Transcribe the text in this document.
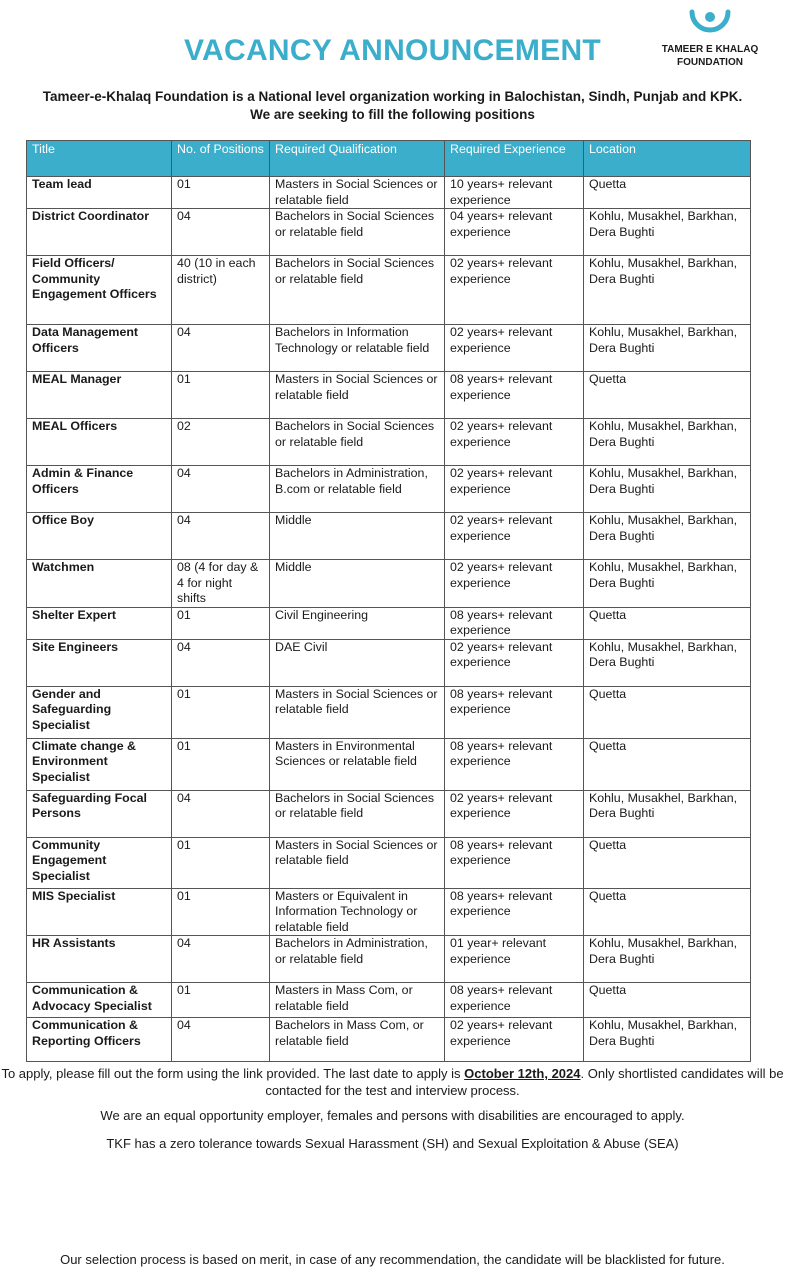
VACANCY ANNOUNCEMENT	TAMEER E KHALAQ
FOUNDATION
Tameer-e-Khalaq Foundation is a National level organization working in Balochistan, Sindh, Punjab and KPK.
We are seeking to fill the following positions
Title	No. of Positions	Required Qualification	Required Experience	Location
Team lead	01	Masters in Social Sciences or relatable field	10 years+ relevant experience	Quetta
District Coordinator	04	Bachelors in Social Sciences or relatable field	04 years+ relevant experience	Kohlu, Musakhel, Barkhan, Dera Bughti
Field Officers/ Community Engagement Officers	40 (10 in each district)	Bachelors in Social Sciences or relatable field	02 years+ relevant experience	Kohlu, Musakhel, Barkhan, Dera Bughti
Data Management Officers	04	Bachelors in Information Technology or relatable field	02 years+ relevant experience	Kohlu, Musakhel, Barkhan, Dera Bughti
MEAL Manager	01	Masters in Social Sciences or relatable field	08 years+ relevant experience	Quetta
MEAL Officers	02	Bachelors in Social Sciences or relatable field	02 years+ relevant experience	Kohlu, Musakhel, Barkhan, Dera Bughti
Admin & Finance Officers	04	Bachelors in Administration, B.com or relatable field	02 years+ relevant experience	Kohlu, Musakhel, Barkhan, Dera Bughti
Office Boy	04	Middle	02 years+ relevant experience	Kohlu, Musakhel, Barkhan, Dera Bughti
Watchmen	08 (4 for day & 4 for night shifts	Middle	02 years+ relevant experience	Kohlu, Musakhel, Barkhan, Dera Bughti
Shelter Expert	01	Civil Engineering	08 years+ relevant experience	Quetta
Site Engineers	04	DAE Civil	02 years+ relevant experience	Kohlu, Musakhel, Barkhan, Dera Bughti
Gender and Safeguarding Specialist	01	Masters in Social Sciences or relatable field	08 years+ relevant experience	Quetta
Climate change & Environment Specialist	01	Masters in Environmental Sciences or relatable field	08 years+ relevant experience	Quetta
Safeguarding Focal Persons	04	Bachelors in Social Sciences or relatable field	02 years+ relevant experience	Kohlu, Musakhel, Barkhan, Dera Bughti
Community Engagement Specialist	01	Masters in Social Sciences or relatable field	08 years+ relevant experience	Quetta
MIS Specialist	01	Masters or Equivalent in Information Technology or relatable field	08 years+ relevant experience	Quetta
HR Assistants	04	Bachelors in Administration, or relatable field	01 year+ relevant experience	Kohlu, Musakhel, Barkhan, Dera Bughti
Communication & Advocacy Specialist	01	Masters in Mass Com, or relatable field	08 years+ relevant experience	Quetta
Communication & Reporting Officers	04	Bachelors in Mass Com, or relatable field	02 years+ relevant experience	Kohlu, Musakhel, Barkhan, Dera Bughti
To apply, please fill out the form using the link provided. The last date to apply is October 12th, 2024. Only shortlisted candidates will be contacted for the test and interview process.
We are an equal opportunity employer, females and persons with disabilities are encouraged to apply.
TKF has a zero tolerance towards Sexual Harassment (SH) and Sexual Exploitation & Abuse (SEA)
Our selection process is based on merit, in case of any recommendation, the candidate will be blacklisted for future.
